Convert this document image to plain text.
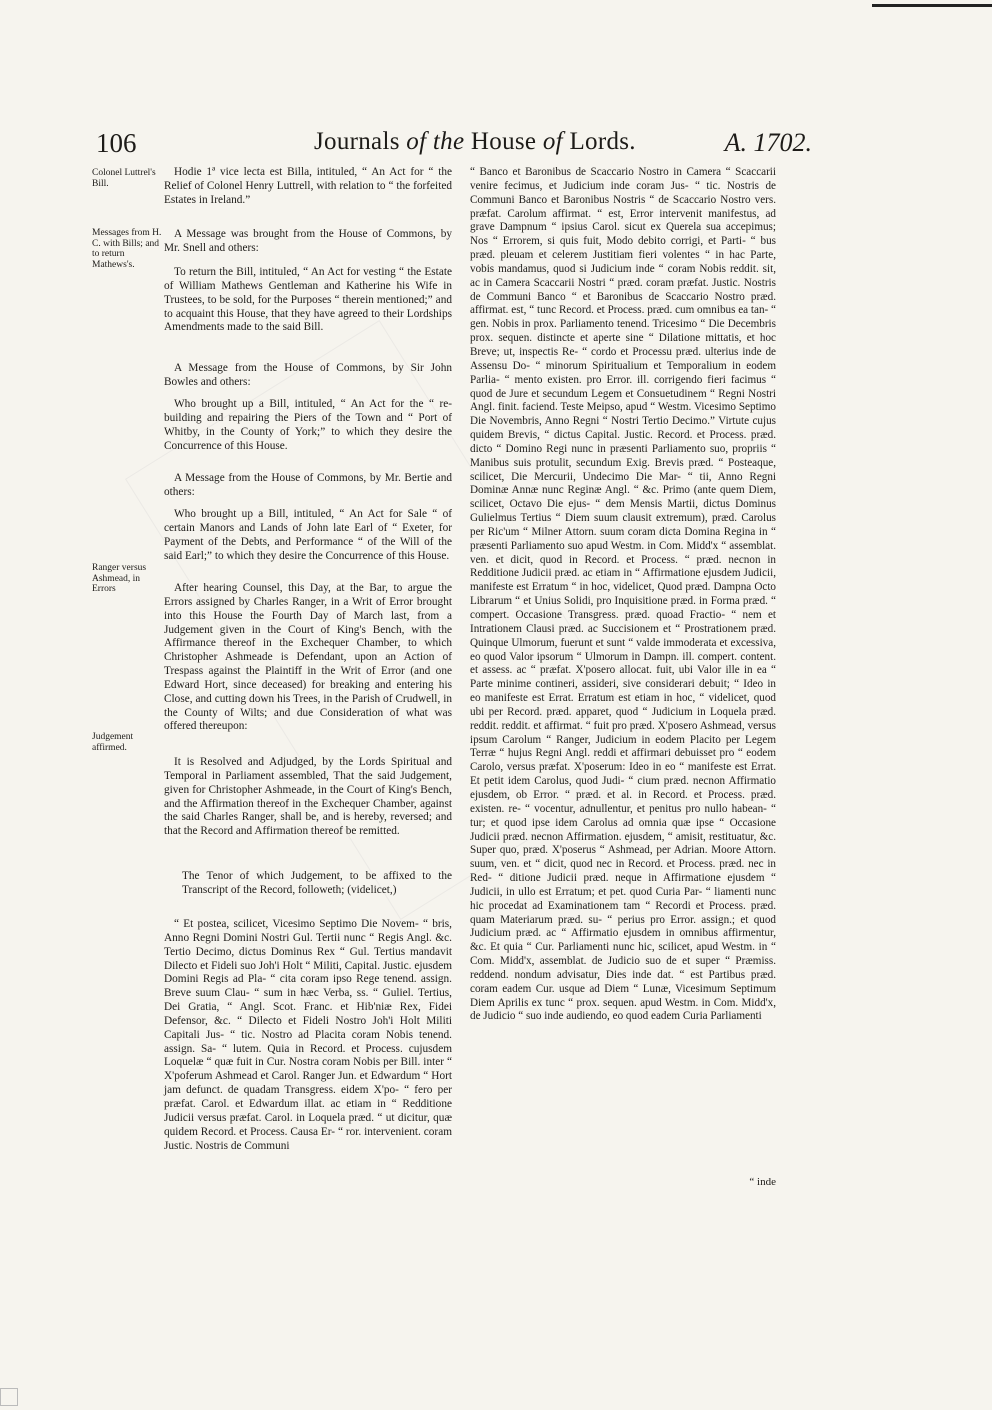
106	Journals of the House of Lords.	A. 1702.
Colonel Luttrel's Bill.
Messages from H. C. with Bills; and to return Mathews's.
Ranger versus Ashmead, in Errors
Judgement affirmed.
Hodie 1ª vice lecta est Billa, intituled, “ An Act for “ the Relief of Colonel Henry Luttrell, with relation to “ the forfeited Estates in Ireland.”
A Message was brought from the House of Commons, by Mr. Snell and others:
To return the Bill, intituled, “ An Act for vesting “ the Estate of William Mathews Gentleman and Katherine his Wife in Trustees, to be sold, for the Purposes “ therein mentioned;” and to acquaint this House, that they have agreed to their Lordships Amendments made to the said Bill.
A Message from the House of Commons, by Sir John Bowles and others:
Who brought up a Bill, intituled, “ An Act for the “ re-building and repairing the Piers of the Town and “ Port of Whitby, in the County of York;” to which they desire the Concurrence of this House.
A Message from the House of Commons, by Mr. Bertie and others:
Who brought up a Bill, intituled, “ An Act for Sale “ of certain Manors and Lands of John late Earl of “ Exeter, for Payment of the Debts, and Performance “ of the Will of the said Earl;” to which they desire the Concurrence of this House.
After hearing Counsel, this Day, at the Bar, to argue the Errors assigned by Charles Ranger, in a Writ of Error brought into this House the Fourth Day of March last, from a Judgement given in the Court of King's Bench, with the Affirmance thereof in the Exchequer Chamber, to which Christopher Ashmeade is Defendant, upon an Action of Trespass against the Plaintiff in the Writ of Error (and one Edward Hort, since deceased) for breaking and entering his Close, and cutting down his Trees, in the Parish of Crudwell, in the County of Wilts; and due Consideration of what was offered thereupon:
It is Resolved and Adjudged, by the Lords Spiritual and Temporal in Parliament assembled, That the said Judgement, given for Christopher Ashmeade, in the Court of King's Bench, and the Affirmation thereof in the Exchequer Chamber, against the said Charles Ranger, shall be, and is hereby, reversed; and that the Record and Affirmation thereof be remitted.
The Tenor of which Judgement, to be affixed to the Transcript of the Record, followeth; (videlicet,)
“ Et postea, scilicet, Vicesimo Septimo Die Novem- “ bris, Anno Regni Domini Nostri Gul. Tertii nunc “ Regis Angl. &c. Tertio Decimo, dictus Dominus Rex “ Gul. Tertius mandavit Dilecto et Fideli suo Joh'i Holt “ Militi, Capital. Justic. ejusdem Domini Regis ad Pla- “ cita coram ipso Rege tenend. assign. Breve suum Clau- “ sum in hæc Verba, ss. “ Guliel. Tertius, Dei Gratia, “ Angl. Scot. Franc. et Hib'niæ Rex, Fidei Defensor, &c. “ Dilecto et Fideli Nostro Joh'i Holt Militi Capitali Jus- “ tic. Nostro ad Placita coram Nobis tenend. assign. Sa- “ lutem. Quia in Record. et Process. cujusdem Loquelæ “ quæ fuit in Cur. Nostra coram Nobis per Bill. inter “ X'poferum Ashmead et Carol. Ranger Jun. et Edwardum “ Hort jam defunct. de quadam Transgress. eidem X'po- “ fero per præfat. Carol. et Edwardum illat. ac etiam in “ Redditione Judicii versus præfat. Carol. in Loquela præd. “ ut dicitur, quæ quidem Record. et Process. Causa Er- “ ror. intervenient. coram Justic. Nostris de Communi
“ Banco et Baronibus de Scaccario Nostro in Camera “ Scaccarii venire fecimus, et Judicium inde coram Jus- “ tic. Nostris de Communi Banco et Baronibus Nostris “ de Scaccario Nostro vers. præfat. Carolum affirmat. “ est, Error intervenit manifestus, ad grave Dampnum “ ipsius Carol. sicut ex Querela sua accepimus; Nos “ Errorem, si quis fuit, Modo debito corrigi, et Parti- “ bus præd. pleuam et celerem Justitiam fieri volentes “ in hac Parte, vobis mandamus, quod si Judicium inde “ coram Nobis reddit. sit, ac in Camera Scaccarii Nostri “ præd. coram præfat. Justic. Nostris de Communi Banco “ et Baronibus de Scaccario Nostro præd. affirmat. est, “ tunc Record. et Process. præd. cum omnibus ea tan- “ gen. Nobis in prox. Parliamento tenend. Tricesimo “ Die Decembris prox. sequen. distincte et aperte sine “ Dilatione mittatis, et hoc Breve; ut, inspectis Re- “ cordo et Processu præd. ulterius inde de Assensu Do- “ minorum Spiritualium et Temporalium in eodem Parlia- “ mento existen. pro Error. ill. corrigendo fieri facimus “ quod de Jure et secundum Legem et Consuetudinem “ Regni Nostri Angl. finit. faciend. Teste Meipso, apud “ Westm. Vicesimo Septimo Die Novembris, Anno Regni “ Nostri Tertio Decimo.” Virtute cujus quidem Brevis, “ dictus Capital. Justic. Record. et Process. præd. dicto “ Domino Regi nunc in præsenti Parliamento suo, propriis “ Manibus suis protulit, secundum Exig. Brevis præd. “ Posteaque, scilicet, Die Mercurii, Undecimo Die Mar- “ tii, Anno Regni Dominæ Annæ nunc Reginæ Angl. “ &c. Primo (ante quem Diem, scilicet, Octavo Die ejus- “ dem Mensis Martii, dictus Dominus Gulielmus Tertius “ Diem suum clausit extremum), præd. Carolus per Ric'um “ Milner Attorn. suum coram dicta Domina Regina in “ præsenti Parliamento suo apud Westm. in Com. Midd'x “ assemblat. ven. et dicit, quod in Record. et Process. “ præd. necnon in Redditione Judicii præd. ac etiam in “ Affirmatione ejusdem Judicii, manifeste est Erratum “ in hoc, videlicet, Quod præd. Dampna Octo Librarum “ et Unius Solidi, pro Inquisitione præd. in Forma præd. “ compert. Occasione Transgress. præd. quoad Fractio- “ nem et Intrationem Clausi præd. ac Succisionem et “ Prostrationem præd. Quinque Ulmorum, fuerunt et sunt “ valde immoderata et excessiva, eo quod Valor ipsorum “ Ulmorum in Dampn. ill. compert. content. et assess. ac “ præfat. X'posero allocat. fuit, ubi Valor ille in ea “ Parte minime contineri, assideri, sive considerari debuit; “ Ideo in eo manifeste est Errat. Erratum est etiam in hoc, “ videlicet, quod ubi per Record. præd. apparet, quod “ Judicium in Loquela præd. reddit. reddit. et affirmat. “ fuit pro præd. X'posero Ashmead, versus ipsum Carolum “ Ranger, Judicium in eodem Placito per Legem Terræ “ hujus Regni Angl. reddi et affirmari debuisset pro “ eodem Carolo, versus præfat. X'poserum: Ideo in eo “ manifeste est Errat. Et petit idem Carolus, quod Judi- “ cium præd. necnon Affirmatio ejusdem, ob Error. “ præd. et al. in Record. et Process. præd. existen. re- “ vocentur, adnullentur, et penitus pro nullo habean- “ tur; et quod ipse idem Carolus ad omnia quæ ipse “ Occasione Judicii præd. necnon Affirmation. ejusdem, “ amisit, restituatur, &c. Super quo, præd. X'poserus “ Ashmead, per Adrian. Moore Attorn. suum, ven. et “ dicit, quod nec in Record. et Process. præd. nec in Red- “ ditione Judicii præd. neque in Affirmatione ejusdem “ Judicii, in ullo est Erratum; et pet. quod Curia Par- “ liamenti nunc hic procedat ad Examinationem tam “ Recordi et Process. præd. quam Materiarum præd. su- “ perius pro Error. assign.; et quod Judicium præd. ac “ Affirmatio ejusdem in omnibus affirmentur, &c. Et quia “ Cur. Parliamenti nunc hic, scilicet, apud Westm. in “ Com. Midd'x, assemblat. de Judicio suo de et super “ Præmiss. reddend. nondum advisatur, Dies inde dat. “ est Partibus præd. coram eadem Cur. usque ad Diem “ Lunæ, Vicesimum Septimum Diem Aprilis ex tunc “ prox. sequen. apud Westm. in Com. Midd'x, de Judicio “ suo inde audiendo, eo quod eadem Curia Parliamenti
“ inde
